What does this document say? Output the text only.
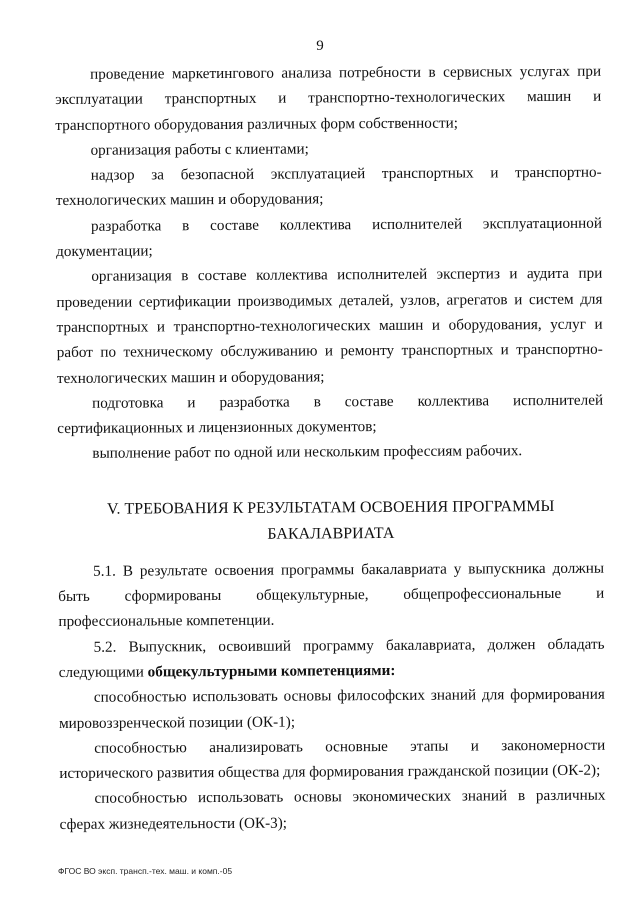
9

проведение маркетингового анализа потребности в сервисных услугах при эксплуатации транспортных и транспортно-технологических машин и транспортного оборудования различных форм собственности;

организация работы с клиентами;

надзор за безопасной эксплуатацией транспортных и транспортно-технологических машин и оборудования;

разработка в составе коллектива исполнителей эксплуатационной документации;

организация в составе коллектива исполнителей экспертиз и аудита при проведении сертификации производимых деталей, узлов, агрегатов и систем для транспортных и транспортно-технологических машин и оборудования, услуг и работ по техническому обслуживанию и ремонту транспортных и транспортно-технологических машин и оборудования;

подготовка и разработка в составе коллектива исполнителей сертификационных и лицензионных документов;

выполнение работ по одной или нескольким профессиям рабочих.

V. ТРЕБОВАНИЯ К РЕЗУЛЬТАТАМ ОСВОЕНИЯ ПРОГРАММЫ
БАКАЛАВРИАТА

5.1. В результате освоения программы бакалавриата у выпускника должны быть сформированы общекультурные, общепрофессиональные и профессиональные компетенции.

5.2. Выпускник, освоивший программу бакалавриата, должен обладать следующими общекультурными компетенциями:

способностью использовать основы философских знаний для формирования мировоззренческой позиции (ОК-1);

способностью анализировать основные этапы и закономерности исторического развития общества для формирования гражданской позиции (ОК-2);

способностью использовать основы экономических знаний в различных сферах жизнедеятельности (ОК-3);

ФГОС ВО эксп. трансп.-тех. маш. и комп.-05
